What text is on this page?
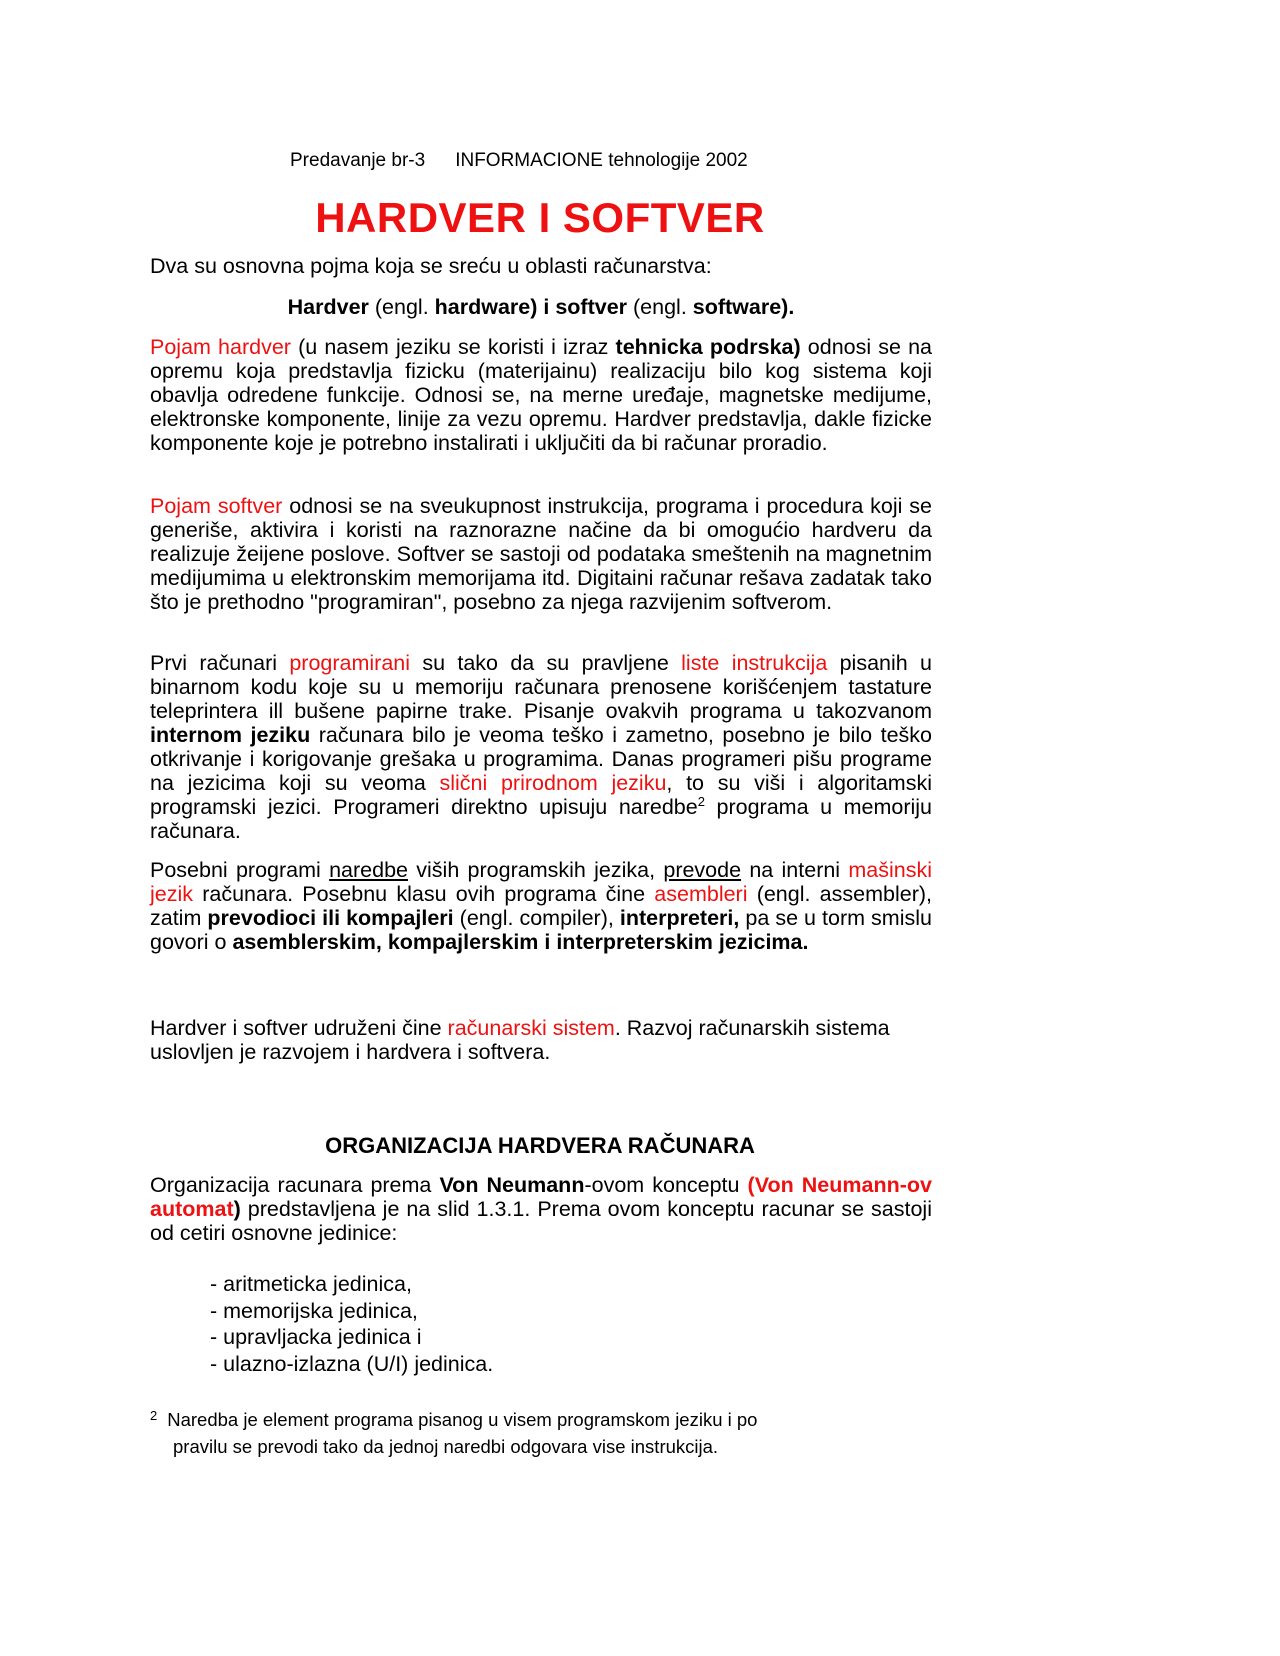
Predavanje br-3 INFORMACIONE tehnologije 2002
HARDVER I SOFTVER

Dva su osnovna pojma koja se sreću u oblasti računarstva:

Hardver (engl. hardware) i softver (engl. software).

Pojam hardver (u nasem jeziku se koristi i izraz tehnicka podrska) odnosi se na opremu koja predstavlja fizicku (materijainu) realizaciju bilo kog sistema koji obavlja odredene funkcije. Odnosi se, na merne uređaje, magnetske medijume, elektronske komponente, linije za vezu opremu. Hardver predstavlja, dakle fizicke komponente koje je potrebno instalirati i uključiti da bi računar proradio.

Pojam softver odnosi se na sveukupnost instrukcija, programa i procedura koji se generiše, aktivira i koristi na raznorazne načine da bi omogućio hardveru da realizuje žeijene poslove. Softver se sastoji od podataka smeštenih na magnetnim medijumima u elektronskim memorijama itd. Digitaini računar rešava zadatak tako što je prethodno "programiran", posebno za njega razvijenim softverom.

Prvi računari programirani su tako da su pravljene liste instrukcija pisanih u binarnom kodu koje su u memoriju računara prenosene korišćenjem tastature teleprintera ill bušene papirne trake. Pisanje ovakvih programa u takozvanom internom jeziku računara bilo je veoma teško i zametno, posebno je bilo teško otkrivanje i korigovanje grešaka u programima. Danas programeri pišu programe na jezicima koji su veoma slični prirodnom jeziku, to su viši i algoritamski programski jezici. Programeri direktno upisuju naredbe$^2$ programa u memoriju računara.

Posebni programi naredbe viših programskih jezika, prevode na interni mašinski jezik računara. Posebnu klasu ovih programa čine asembleri (engl. assembler), zatim prevodioci ili kompajleri (engl. compiler), interpreteri, pa se u torm smislu govori o asemblerskim, kompajlerskim i interpreterskim jezicima.

Hardver i softver udruženi čine računarski sistem. Razvoj računarskih sistema uslovljen je razvojem i hardvera i softvera.

ORGANIZACIJA HARDVERA RAČUNARA

Organizacija racunara prema Von Neumann-ovom konceptu (Von Neumann-ov automat) predstavljena je na slid 1.3.1. Prema ovom konceptu racunar se sastoji od cetiri osnovne jedinice:

- aritmeticka jedinica,
- memorijska jedinica,
- upravljacka jedinica i
- ulazno-izlazna (U/I) jedinica.
$^2$ Naredba je element programa pisanog u visem programskom jeziku i po
pravilu se prevodi tako da jednoj naredbi odgovara vise instrukcija.
